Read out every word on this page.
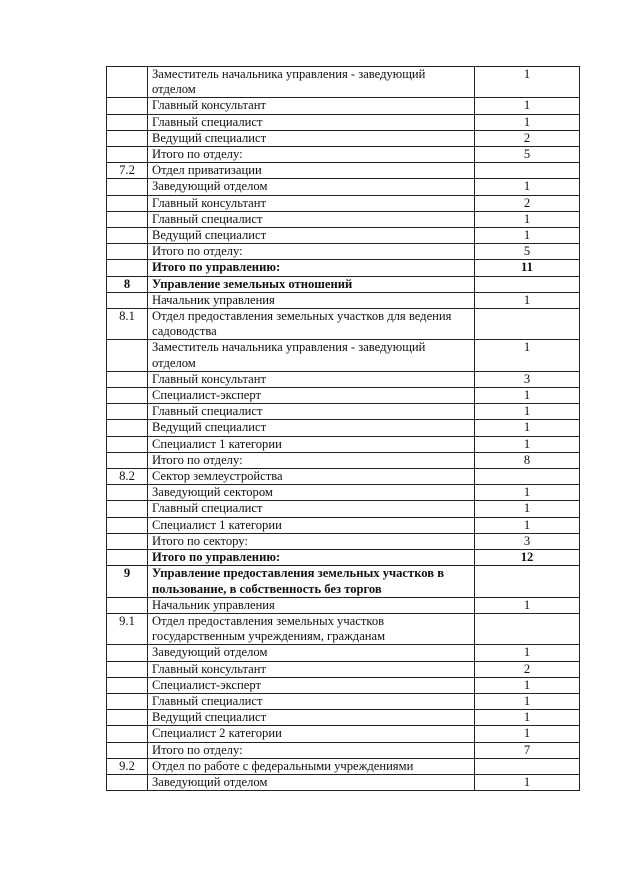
	Заместитель начальника управления - заведующий отделом	1
	Главный консультант	1
	Главный специалист	1
	Ведущий специалист	2
	Итого по отделу:	5
7.2	Отдел приватизации	
	Заведующий отделом	1
	Главный консультант	2
	Главный специалист	1
	Ведущий специалист	1
	Итого по отделу:	5
	Итого по управлению:	11
8	Управление земельных отношений	
	Начальник управления	1
8.1	Отдел предоставления земельных участков для ведения садоводства	
	Заместитель начальника управления - заведующий отделом	1
	Главный консультант	3
	Специалист-эксперт	1
	Главный специалист	1
	Ведущий специалист	1
	Специалист 1 категории	1
	Итого по отделу:	8
8.2	Сектор землеустройства	
	Заведующий сектором	1
	Главный специалист	1
	Специалист 1 категории	1
	Итого по сектору:	3
	Итого по управлению:	12
9	Управление предоставления земельных участков в пользование, в собственность без торгов	
	Начальник управления	1
9.1	Отдел предоставления земельных участков государственным учреждениям, гражданам	
	Заведующий отделом	1
	Главный консультант	2
	Специалист-эксперт	1
	Главный специалист	1
	Ведущий специалист	1
	Специалист 2 категории	1
	Итого по отделу:	7
9.2	Отдел по работе с федеральными учреждениями	
	Заведующий отделом	1
